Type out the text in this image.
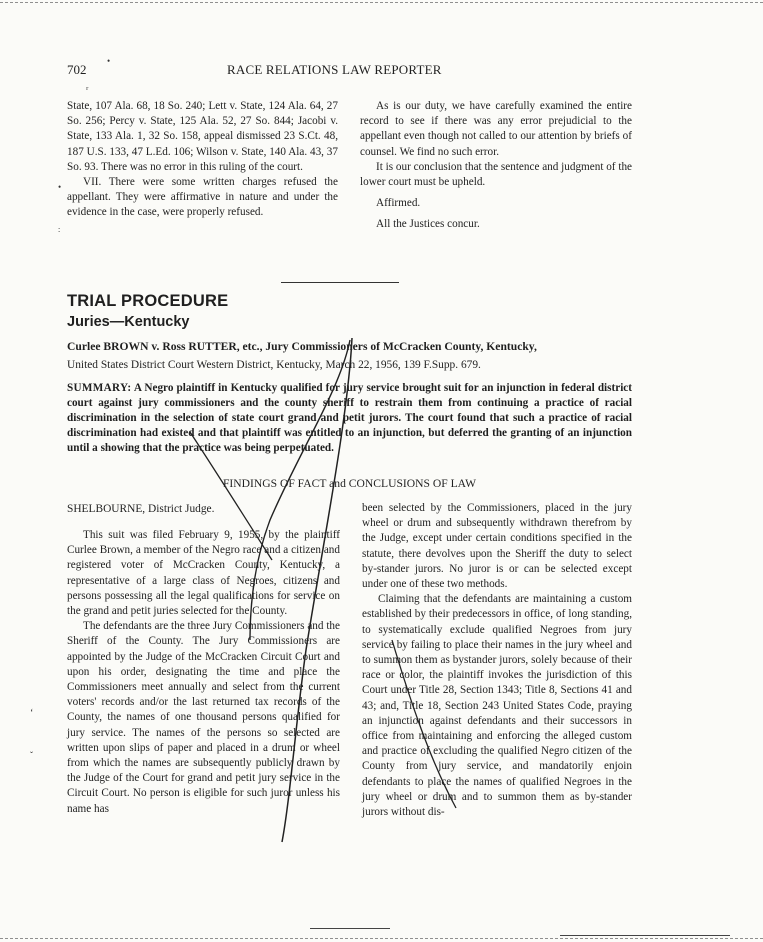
702	RACE RELATIONS LAW REPORTER
ʳ
•
•
:
‘
ˇ

State, 107 Ala. 68, 18 So. 240; Lett v. State, 124 Ala. 64, 27 So. 256; Percy v. State, 125 Ala. 52, 27 So. 844; Jacobi v. State, 133 Ala. 1, 32 So. 158, appeal dismissed 23 S.Ct. 48, 187 U.S. 133, 47 L.Ed. 106; Wilson v. State, 140 Ala. 43, 37 So. 93. There was no error in this ruling of the court.

VII. There were some written charges refused the appellant. They were affirmative in nature and under the evidence in the case, were properly refused.

As is our duty, we have carefully examined the entire record to see if there was any error prejudicial to the appellant even though not called to our attention by briefs of counsel. We find no such error.

It is our conclusion that the sentence and judgment of the lower court must be upheld.

Affirmed.

All the Justices concur.

TRIAL PROCEDURE
Juries—Kentucky
Curlee BROWN v. Ross RUTTER, etc., Jury Commissioners of McCracken County, Kentucky,
United States District Court Western District, Kentucky, March 22, 1956, 139 F.Supp. 679.
SUMMARY: A Negro plaintiff in Kentucky qualified for jury service brought suit for an injunction in federal district court against jury commissioners and the county sheriff to restrain them from continuing a practice of racial discrimination in the selection of state court grand and petit jurors. The court found that such a practice of racial discrimination had existed and that plaintiff was entitled to an injunction, but deferred the granting of an injunction until a showing that the practice was being perpetuated.
FINDINGS OF FACT and CONCLUSIONS OF LAW
SHELBOURNE, District Judge.

This suit was filed February 9, 1955, by the plaintiff Curlee Brown, a member of the Negro race and a citizen and registered voter of McCracken County, Kentucky, a representative of a large class of Negroes, citizens and persons possessing all the legal qualifications for service on the grand and petit juries selected for the County.

The defendants are the three Jury Commissioners and the Sheriff of the County. The Jury Commissioners are appointed by the Judge of the McCracken Circuit Court and upon his order, designating the time and place the Commissioners meet annually and select from the current voters' records and/or the last returned tax records of the County, the names of one thousand persons qualified for jury service. The names of the persons so selected are written upon slips of paper and placed in a drum or wheel from which the names are subsequently publicly drawn by the Judge of the Court for grand and petit jury service in the Circuit Court. No person is eligible for such juror unless his name has

been selected by the Commissioners, placed in the jury wheel or drum and subsequently withdrawn therefrom by the Judge, except under certain conditions specified in the statute, there devolves upon the Sheriff the duty to select by-stander jurors. No juror is or can be selected except under one of these two methods.

Claiming that the defendants are maintaining a custom established by their predecessors in office, of long standing, to systematically exclude qualified Negroes from jury service by failing to place their names in the jury wheel and to summon them as bystander jurors, solely because of their race or color, the plaintiff invokes the jurisdiction of this Court under Title 28, Section 1343; Title 8, Sections 41 and 43; and, Title 18, Section 243 United States Code, praying an injunction against defendants and their successors in office from maintaining and enforcing the alleged custom and practice of excluding the qualified Negro citizen of the County from jury service, and mandatorily enjoin defendants to place the names of qualified Negroes in the jury wheel or drum and to summon them as by-stander jurors without dis-
